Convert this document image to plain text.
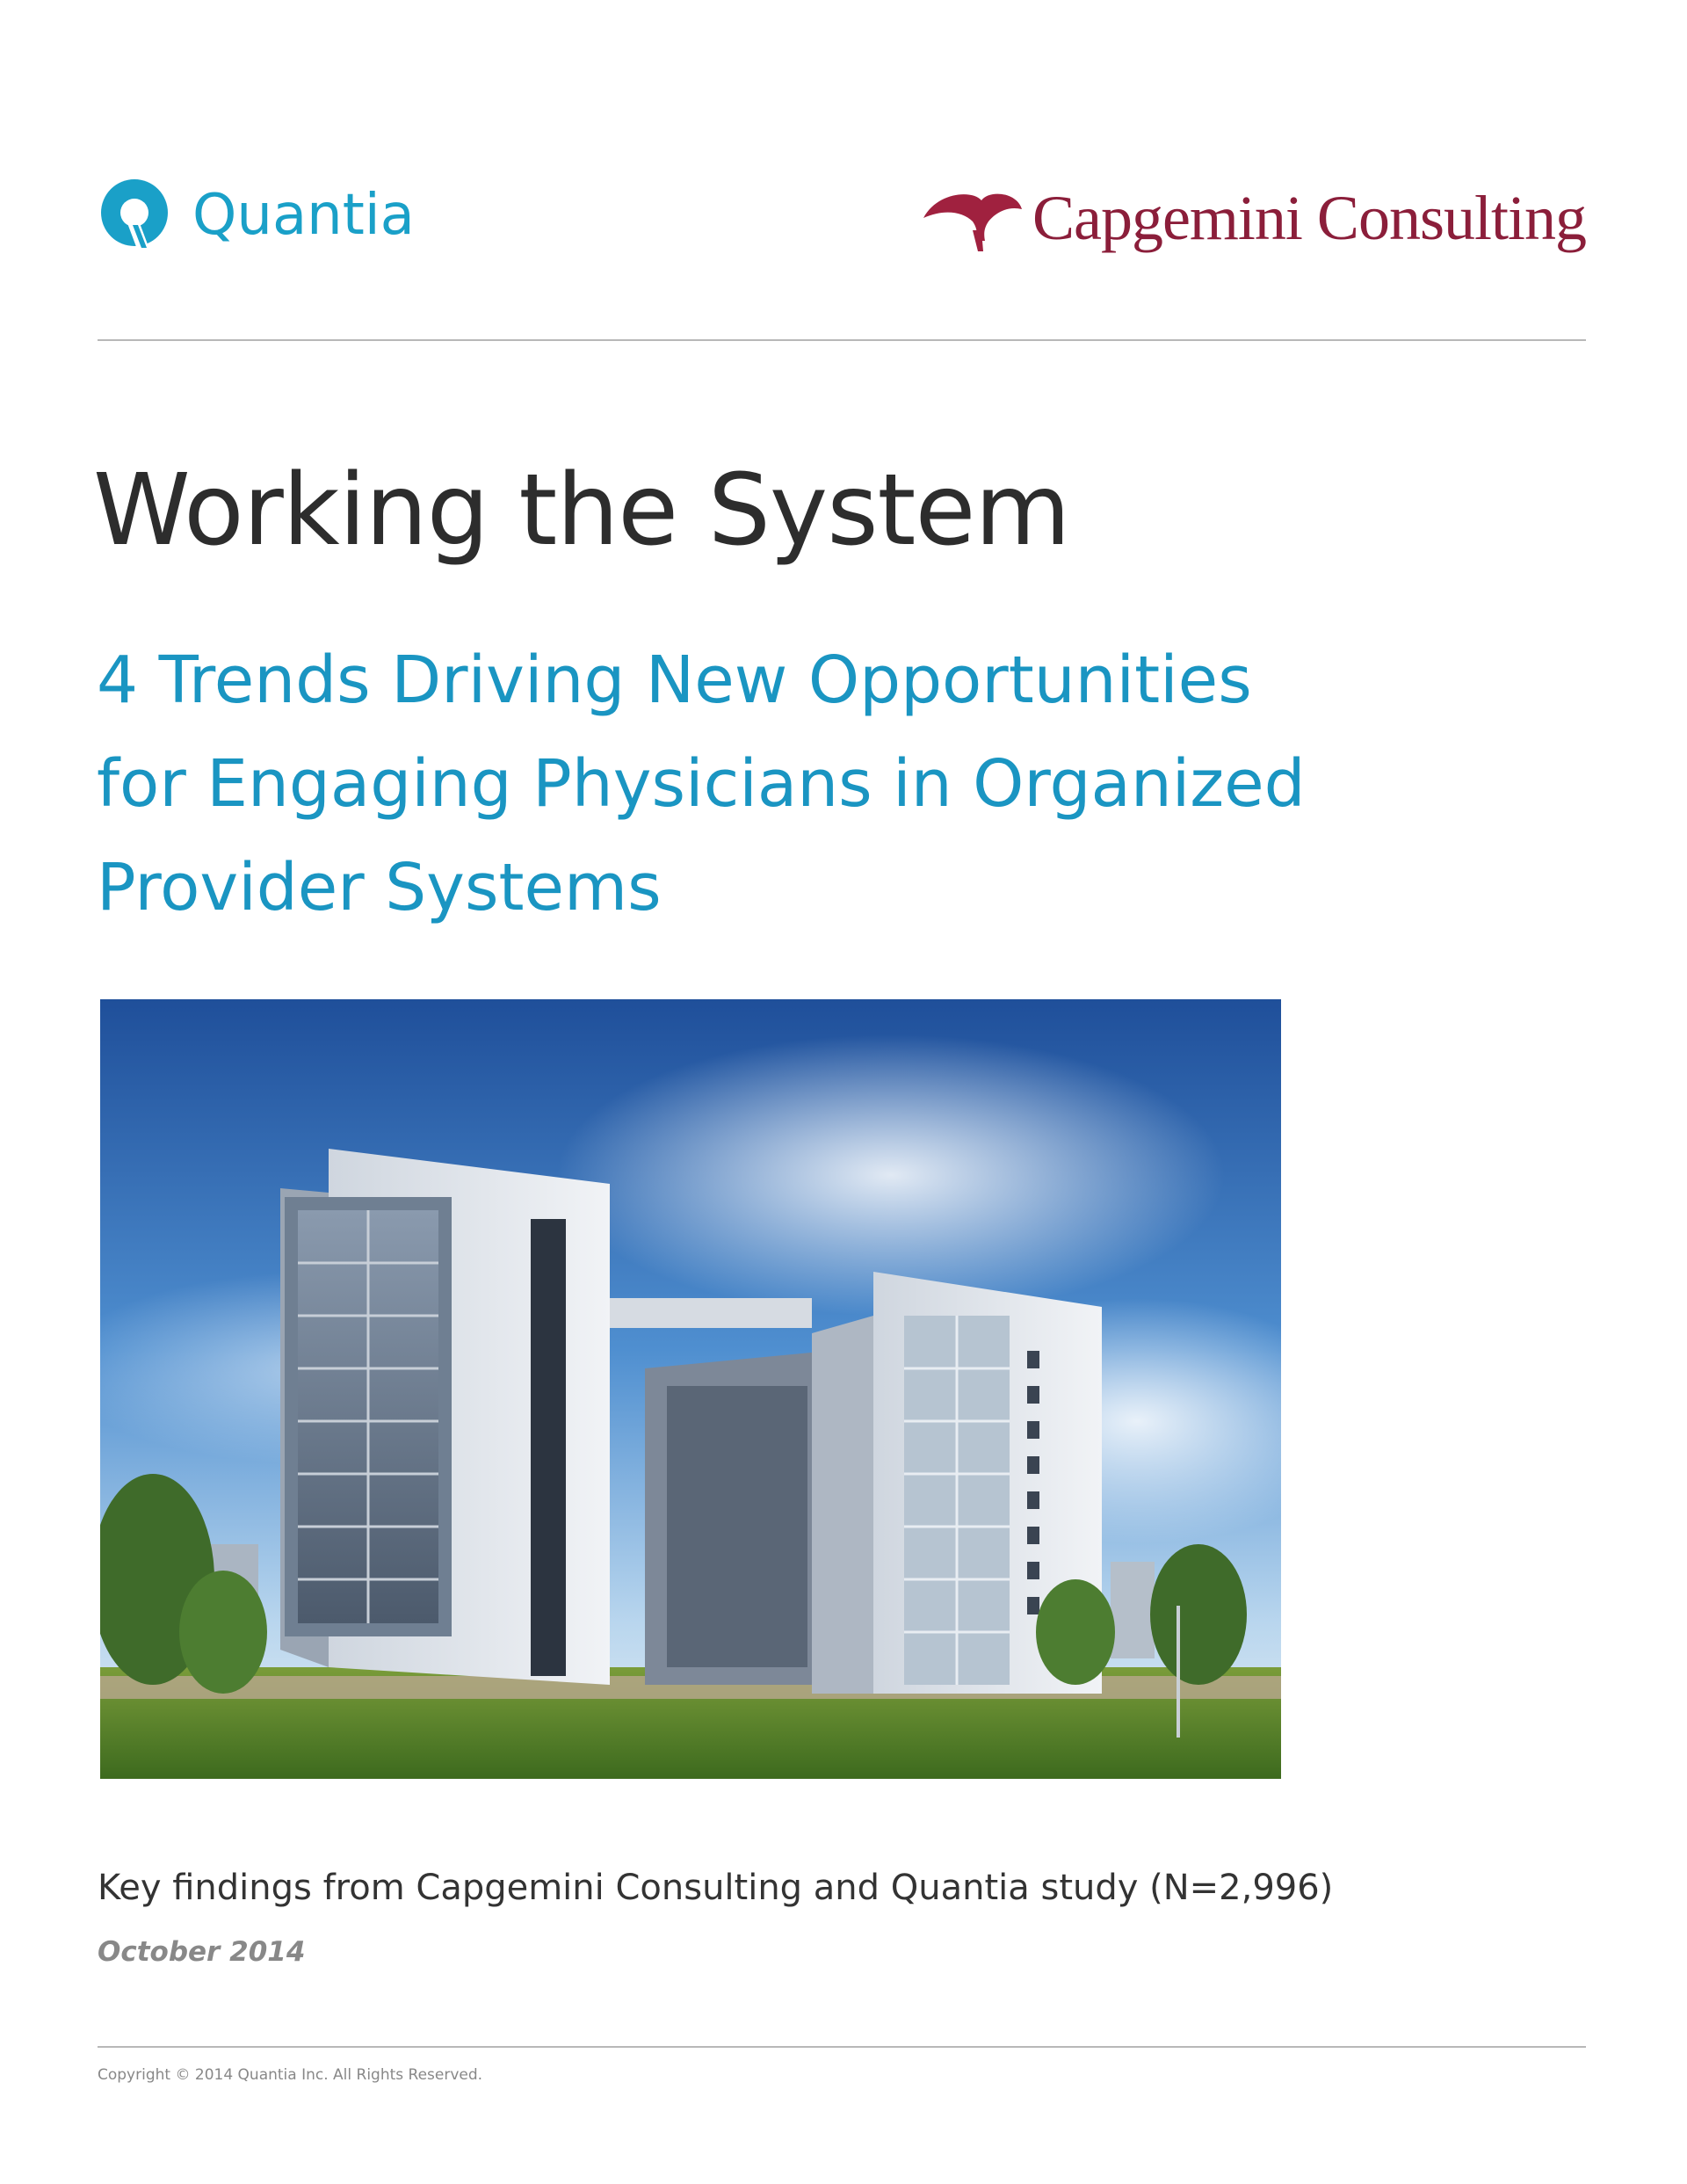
Quantia	Capgemini Consulting
Working the System
4 Trends Driving New Opportunities
for Engaging Physicians in Organized
Provider Systems
Key findings from Capgemini Consulting and Quantia study (N=2,996)
October 2014
Copyright © 2014 Quantia Inc. All Rights Reserved.
